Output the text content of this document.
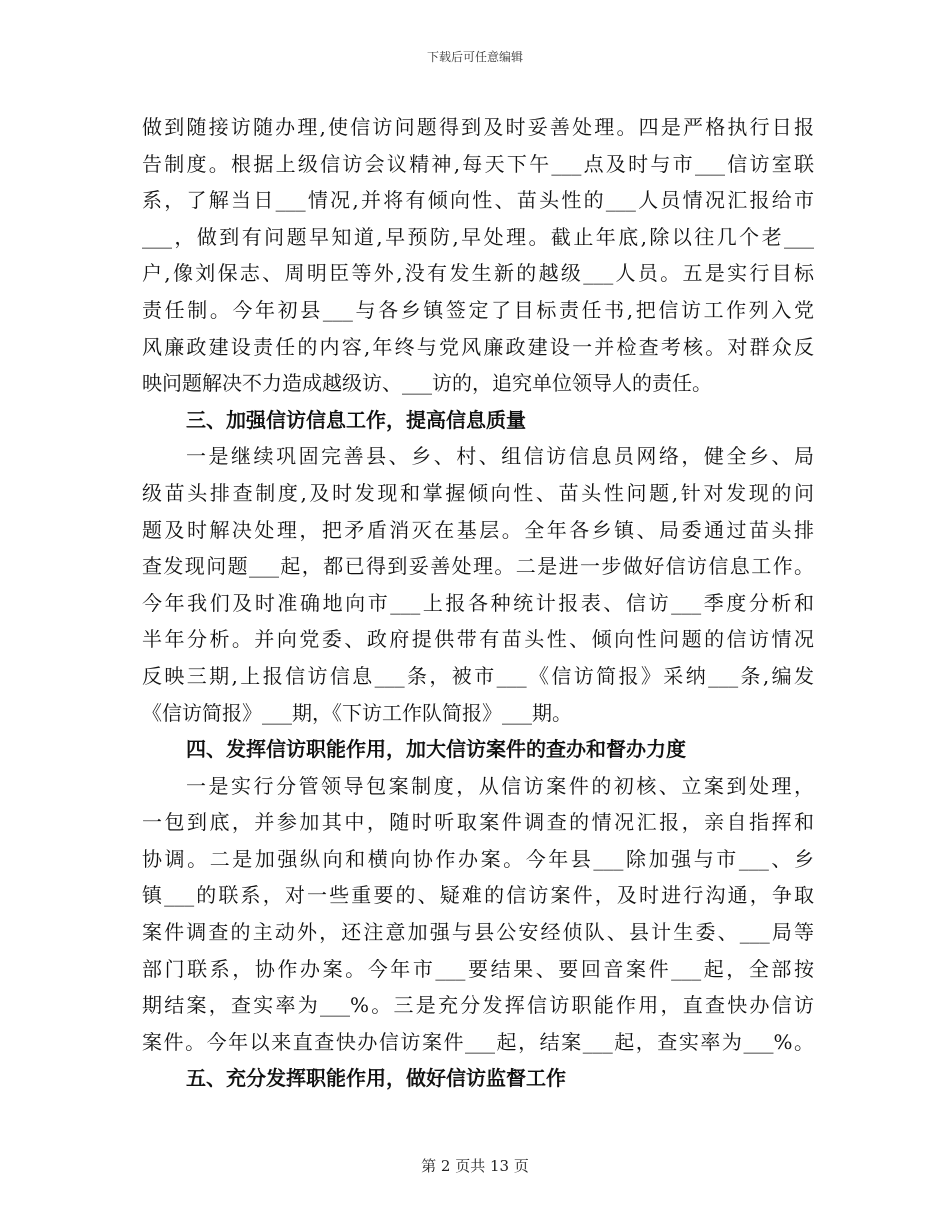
下载后可任意编辑
做到随接访随办理,使信访问题得到及时妥善处理。四是严格执行日报
告制度。根据上级信访会议精神,每天下午___点及时与市___信访室联
系，了解当日___情况,并将有倾向性、苗头性的___人员情况汇报给市
___，做到有问题早知道,早预防,早处理。截止年底,除以往几个老___
户,像刘保志、周明臣等外,没有发生新的越级___人员。五是实行目标
责任制。今年初县___与各乡镇签定了目标责任书,把信访工作列入党
风廉政建设责任的内容,年终与党风廉政建设一并检查考核。对群众反
映问题解决不力造成越级访、___访的，追究单位领导人的责任。
三、加强信访信息工作，提高信息质量
一是继续巩固完善县、乡、村、组信访信息员网络，健全乡、局
级苗头排查制度,及时发现和掌握倾向性、苗头性问题,针对发现的问
题及时解决处理，把矛盾消灭在基层。全年各乡镇、局委通过苗头排
查发现问题___起，都已得到妥善处理。二是进一步做好信访信息工作。
今年我们及时准确地向市___上报各种统计报表、信访___季度分析和
半年分析。并向党委、政府提供带有苗头性、倾向性问题的信访情况
反映三期,上报信访信息___条，被市___《信访简报》采纳___条,编发
《信访简报》___期，《下访工作队简报》___期。
四、发挥信访职能作用，加大信访案件的查办和督办力度
一是实行分管领导包案制度，从信访案件的初核、立案到处理，
一包到底，并参加其中，随时听取案件调查的情况汇报，亲自指挥和
协调。二是加强纵向和横向协作办案。今年县___除加强与市___、乡
镇___的联系，对一些重要的、疑难的信访案件，及时进行沟通，争取
案件调查的主动外，还注意加强与县公安经侦队、县计生委、___局等
部门联系，协作办案。今年市___要结果、要回音案件___起，全部按
期结案，查实率为___%。三是充分发挥信访职能作用，直查快办信访
案件。今年以来直查快办信访案件___起，结案___起，查实率为___%。
五、充分发挥职能作用，做好信访监督工作
第 2 页共 13 页
